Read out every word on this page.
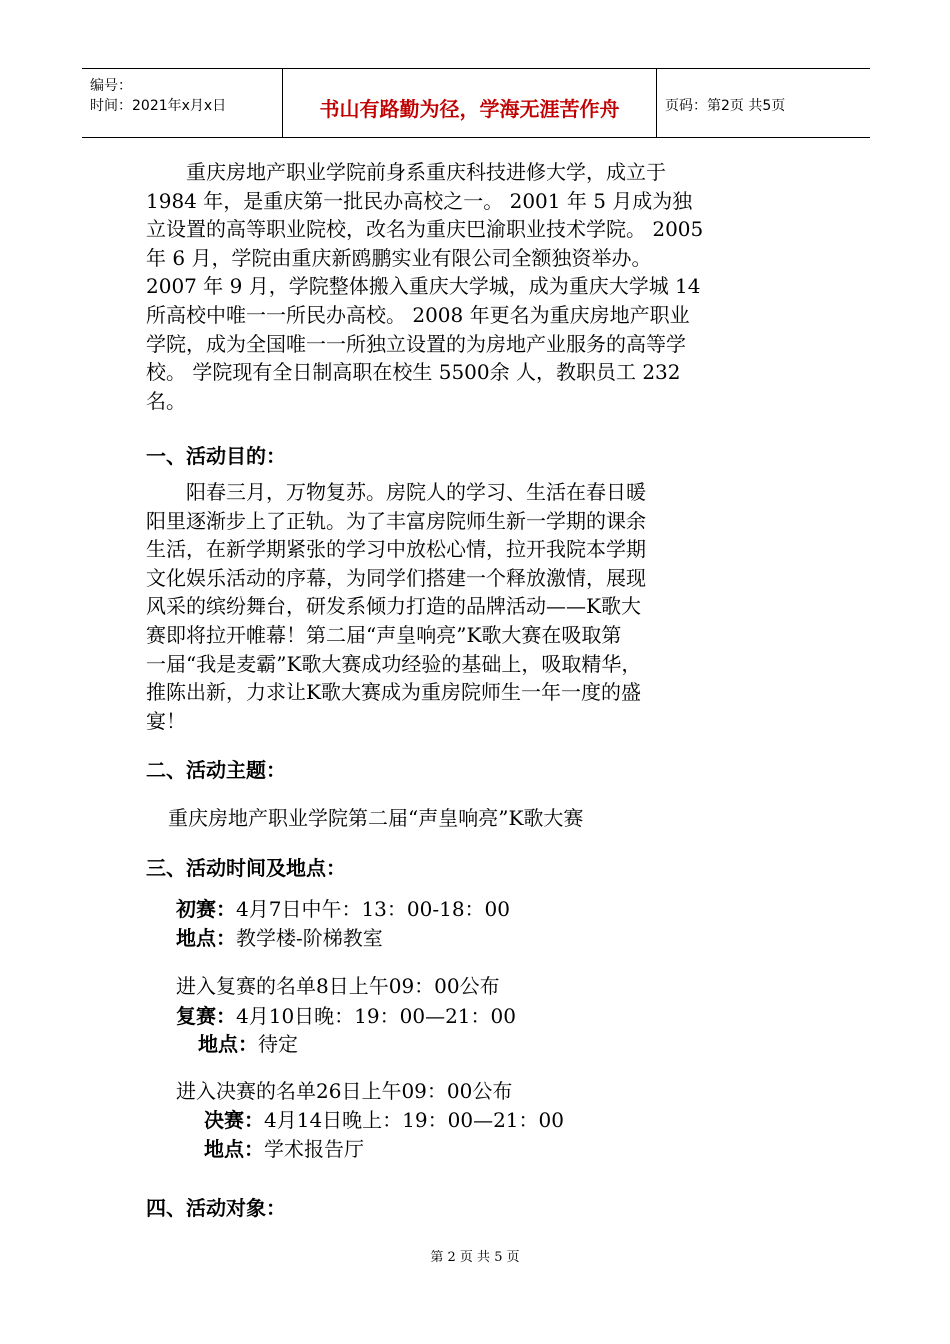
编号：
时间：2021年x月x日	书山有路勤为径，学海无涯苦作舟	页码：第2页 共5页

　　重庆房地产职业学院前身系重庆科技进修大学，成立于
1984 年，是重庆第一批民办高校之一。 2001 年 5 月成为独
立设置的高等职业院校，改名为重庆巴渝职业技术学院。 2005
年 6 月，学院由重庆新鸥鹏实业有限公司全额独资举办。
2007 年 9 月，学院整体搬入重庆大学城，成为重庆大学城 14
所高校中唯一一所民办高校。 2008 年更名为重庆房地产职业
学院，成为全国唯一一所独立设置的为房地产业服务的高等学
校。 学院现有全日制高职在校生 5500余 人，教职员工 232
名。

一、活动目的：

　　阳春三月，万物复苏。房院人的学习、生活在春日暖
阳里逐渐步上了正轨。为了丰富房院师生新一学期的课余
生活，在新学期紧张的学习中放松心情，拉开我院本学期
文化娱乐活动的序幕，为同学们搭建一个释放激情，展现
风采的缤纷舞台，研发系倾力打造的品牌活动——K歌大
赛即将拉开帷幕！第二届“声皇响亮”K歌大赛在吸取第
一届“我是麦霸”K歌大赛成功经验的基础上，吸取精华，
推陈出新，力求让K歌大赛成为重房院师生一年一度的盛
宴！

二、活动主题：
重庆房地产职业学院第二届“声皇响亮”K歌大赛
三、活动时间及地点：
初赛：4月7日中午：13：00-18：00
地点：教学楼-阶梯教室
进入复赛的名单8日上午09：00公布
复赛：4月10日晚：19：00—21：00
地点：待定
进入决赛的名单26日上午09：00公布
决赛：4月14日晚上：19：00—21：00
地点：学术报告厅
四、活动对象：
第 2 页 共 5 页
